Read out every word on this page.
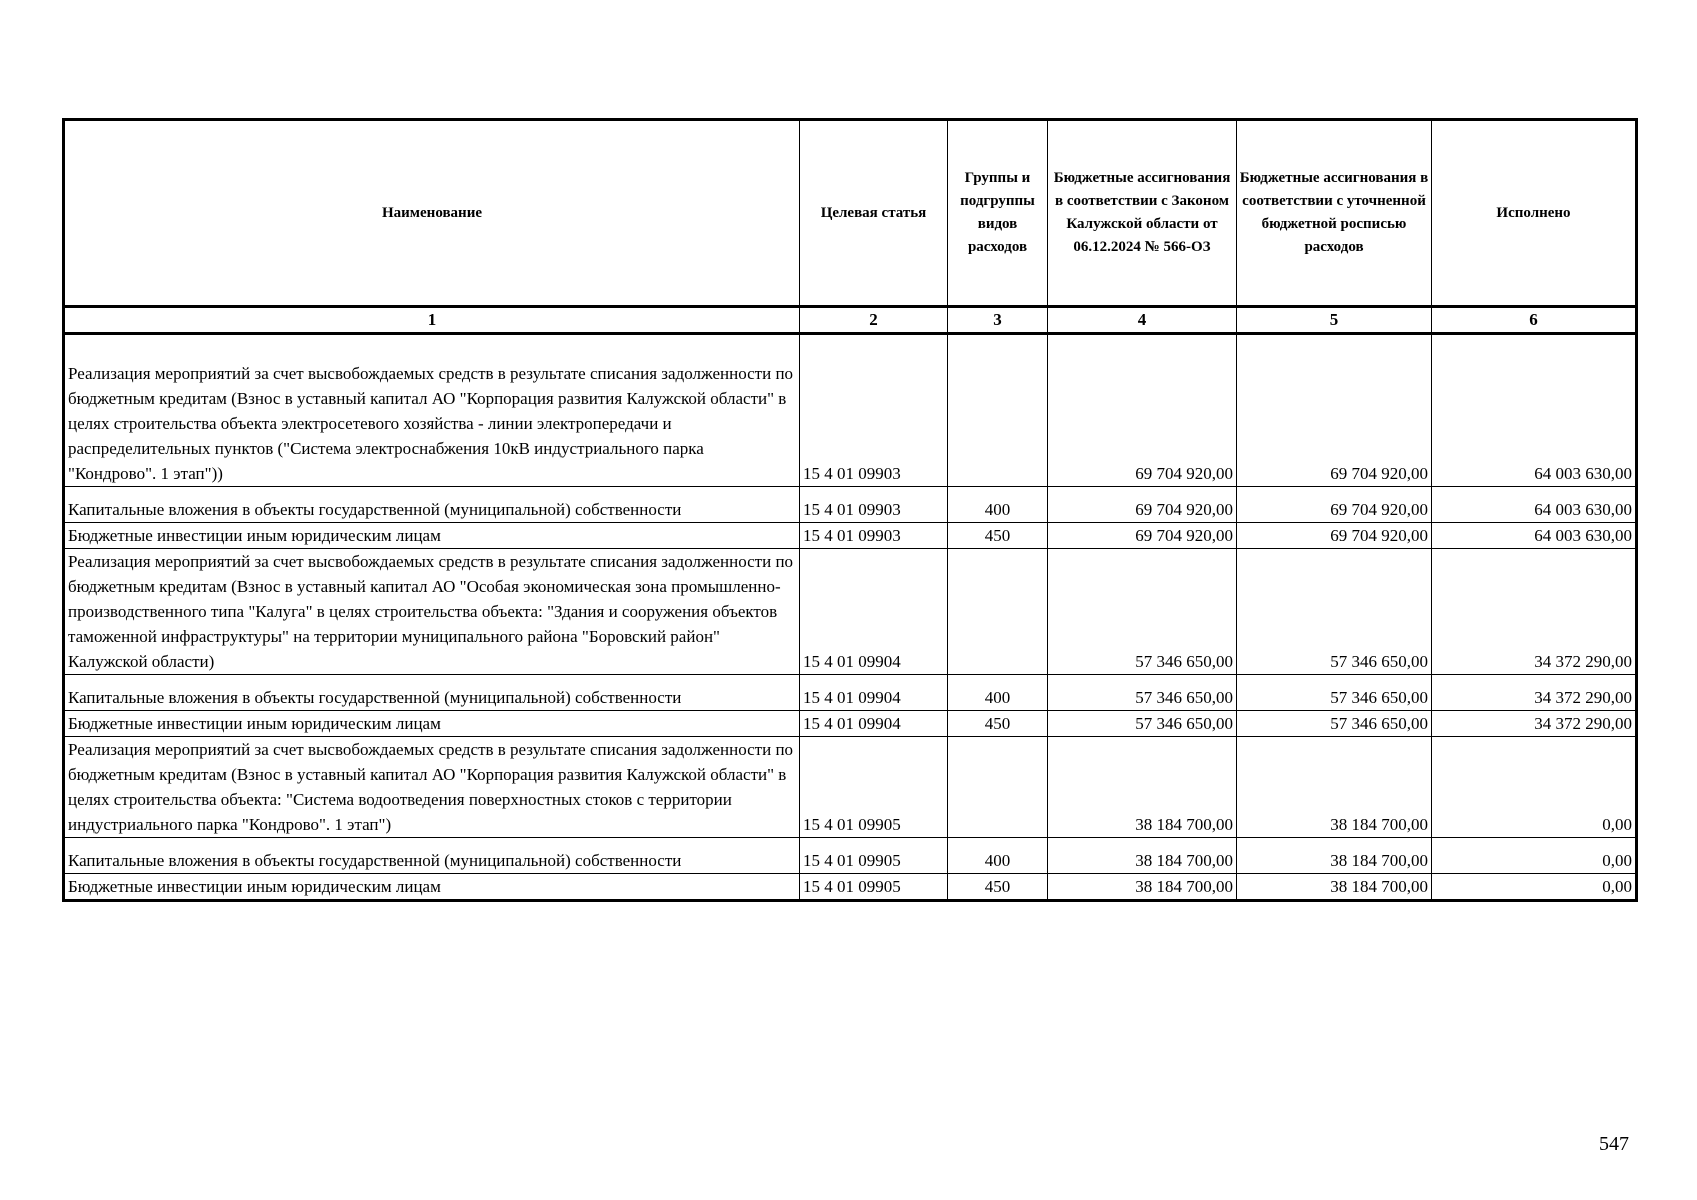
Наименование	Целевая статья	Группы и подгруппы видов расходов	Бюджетные ассигнования в соответствии с Законом Калужской области от 06.12.2024 № 566-ОЗ	Бюджетные ассигнования в соответствии с уточненной бюджетной росписью расходов	Исполнено
1	2	3	4	5	6
Реализация мероприятий за счет высвобождаемых средств в результате списания задолженности по бюджетным кредитам (Взнос в уставный капитал АО "Корпорация развития Калужской области" в целях строительства объекта электросетевого хозяйства - линии электропередачи и распределительных пунктов ("Система электроснабжения 10кВ индустриального парка "Кондрово". 1 этап"))	15 4 01 09903		69 704 920,00	69 704 920,00	64 003 630,00
Капитальные вложения в объекты государственной (муниципальной) собственности	15 4 01 09903	400	69 704 920,00	69 704 920,00	64 003 630,00
Бюджетные инвестиции иным юридическим лицам	15 4 01 09903	450	69 704 920,00	69 704 920,00	64 003 630,00
Реализация мероприятий за счет высвобождаемых средств в результате списания задолженности по бюджетным кредитам (Взнос в уставный капитал АО "Особая экономическая зона промышленно-производственного типа "Калуга" в целях строительства объекта: "Здания и сооружения объектов таможенной инфраструктуры" на территории муниципального района "Боровский район" Калужской области)	15 4 01 09904		57 346 650,00	57 346 650,00	34 372 290,00
Капитальные вложения в объекты государственной (муниципальной) собственности	15 4 01 09904	400	57 346 650,00	57 346 650,00	34 372 290,00
Бюджетные инвестиции иным юридическим лицам	15 4 01 09904	450	57 346 650,00	57 346 650,00	34 372 290,00
Реализация мероприятий за счет высвобождаемых средств в результате списания задолженности по бюджетным кредитам (Взнос в уставный капитал АО "Корпорация развития Калужской области" в целях строительства объекта: "Система водоотведения поверхностных стоков с территории индустриального парка "Кондрово". 1 этап")	15 4 01 09905		38 184 700,00	38 184 700,00	0,00
Капитальные вложения в объекты государственной (муниципальной) собственности	15 4 01 09905	400	38 184 700,00	38 184 700,00	0,00
Бюджетные инвестиции иным юридическим лицам	15 4 01 09905	450	38 184 700,00	38 184 700,00	0,00
547
